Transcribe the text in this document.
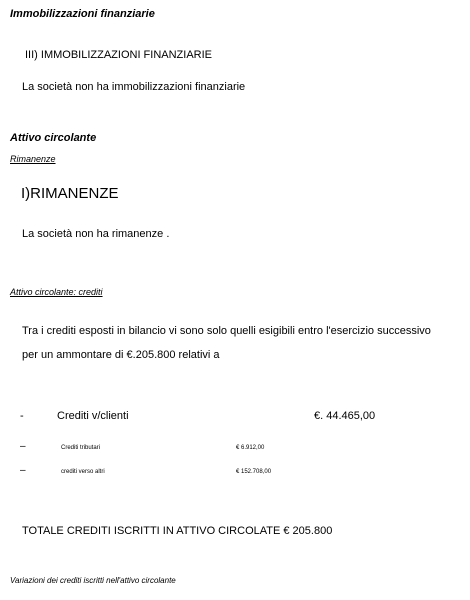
Immobilizzazioni finanziarie
III) IMMOBILIZZAZIONI FINANZIARIE
La società non ha immobilizzazioni finanziarie
Attivo circolante
Rimanenze
I)RIMANENZE
La società non ha rimanenze .
Attivo circolante: crediti
Tra i crediti esposti in bilancio vi sono solo quelli esigibili entro l'esercizio successivo
per un ammontare di €.205.800 relativi a
-	Crediti v/clienti	€. 44.465,00
–	Crediti tributari	€ 6.912,00
–	crediti verso altri	€ 152.708,00
TOTALE CREDITI ISCRITTI IN ATTIVO CIRCOLATE € 205.800
Variazioni dei crediti iscritti nell'attivo circolante
